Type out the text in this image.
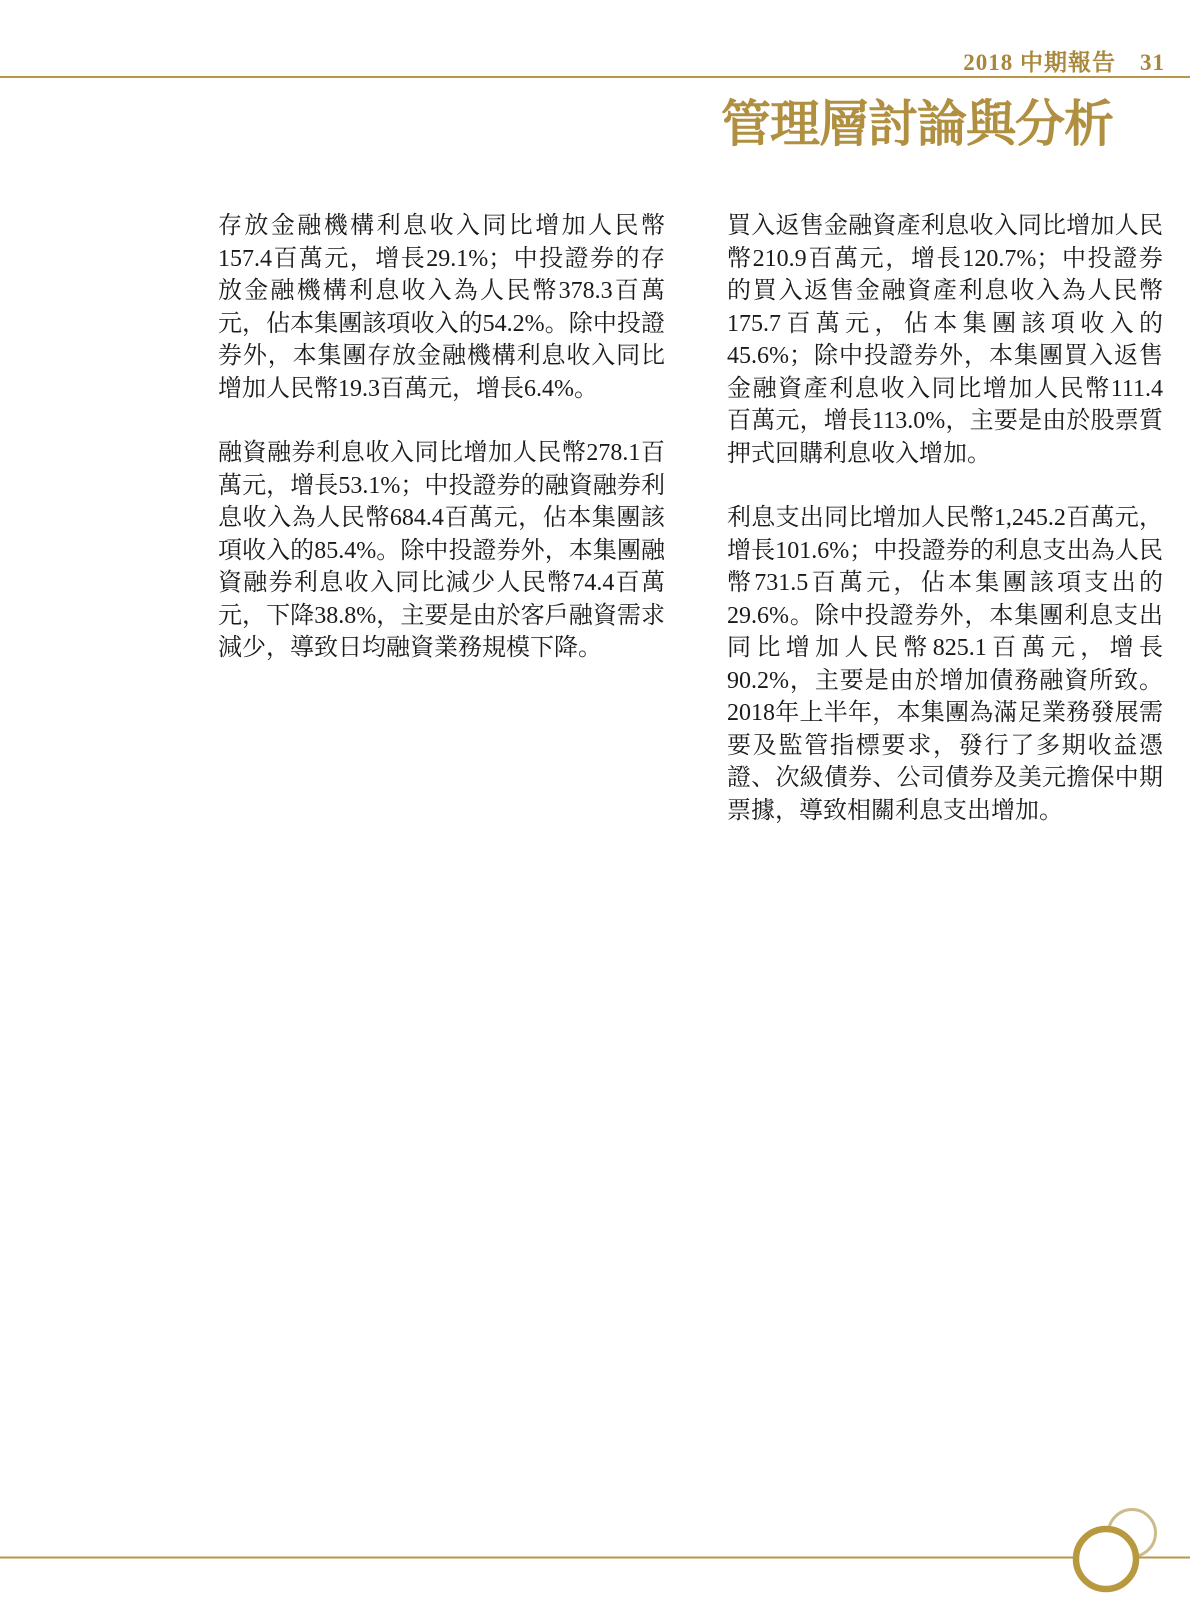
2018 中期報告 31
管理層討論與分析

存放金融機構利息收入同比增加人民幣157.4百萬元，增長29.1%；中投證券的存放金融機構利息收入為人民幣378.3百萬元，佔本集團該項收入的54.2%。除中投證券外，本集團存放金融機構利息收入同比增加人民幣19.3百萬元，增長6.4%。

融資融券利息收入同比增加人民幣278.1百萬元，增長53.1%；中投證券的融資融券利息收入為人民幣684.4百萬元，佔本集團該項收入的85.4%。除中投證券外，本集團融資融券利息收入同比減少人民幣74.4百萬元，下降38.8%，主要是由於客戶融資需求減少，導致日均融資業務規模下降。

買入返售金融資產利息收入同比增加人民幣210.9百萬元，增長120.7%；中投證券的買入返售金融資產利息收入為人民幣175.7百萬元，佔本集團該項收入的45.6%；除中投證券外，本集團買入返售金融資產利息收入同比增加人民幣111.4百萬元，增長113.0%，主要是由於股票質押式回購利息收入增加。

利息支出同比增加人民幣1,245.2百萬元，增長101.6%；中投證券的利息支出為人民幣731.5百萬元，佔本集團該項支出的29.6%。除中投證券外，本集團利息支出同比增加人民幣825.1百萬元，增長90.2%，主要是由於增加債務融資所致。2018年上半年，本集團為滿足業務發展需要及監管指標要求，發行了多期收益憑證、次級債券、公司債券及美元擔保中期票據，導致相關利息支出增加。
